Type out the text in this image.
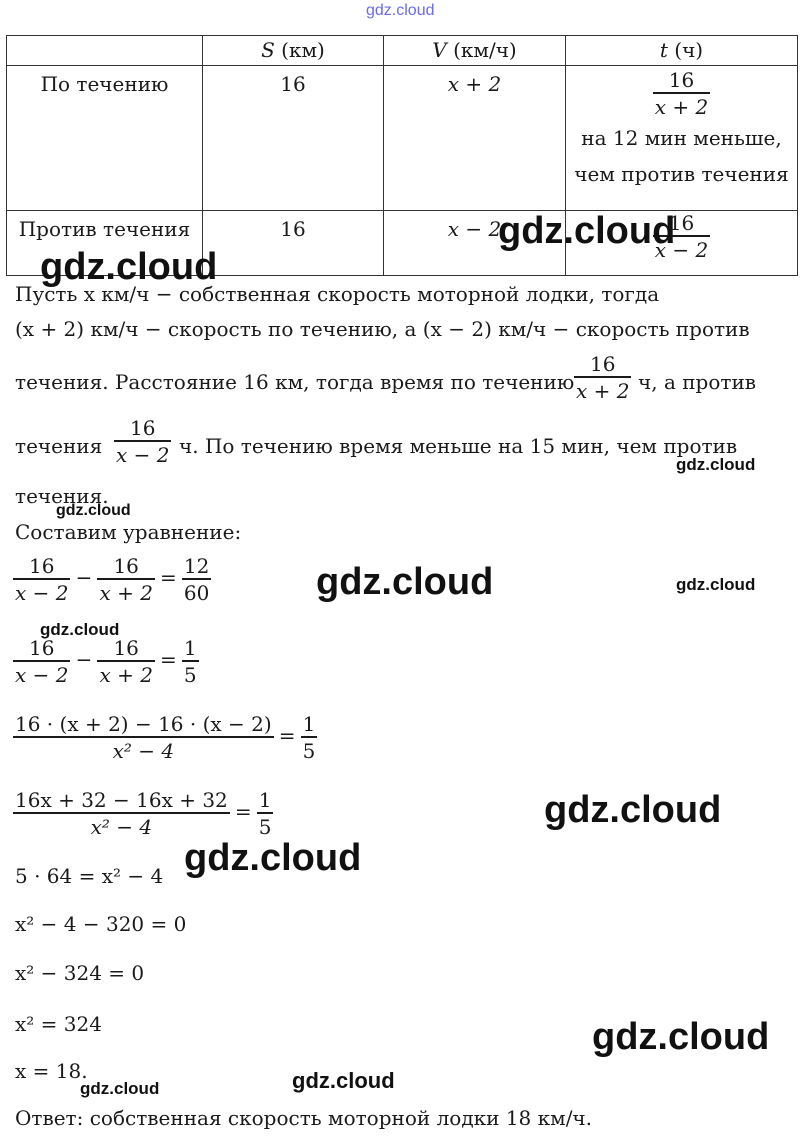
gdz.cloud
	S (км)	V (км/ч)	t (ч)
По течению	16	x + 2	$\frac{16}{x + 2}$

на 12 мин меньше,
чем против течения
Против течения	16	x − 2	$\frac{16}{x - 2}$
Пусть x км/ч − собственная скорость моторной лодки, тогда
(x + 2) км/ч − скорость по течению, а (x − 2) км/ч − скорость против
течения. Расстояние 16 км, тогда время по течению $\frac{16}{x + 2} ч$, а против
течения $\frac{16}{x - 2} ч$. По течению время меньше на 15 мин, чем против
течения.
Составим уравнение:
$\frac{16}{x - 2} - \frac{16}{x + 2} = \frac{12}{60}$
$\frac{16}{x - 2} - \frac{16}{x + 2} = \frac{1}{5}$
$\frac{16 \cdot (x + 2) - 16 \cdot (x - 2)}{\text{x² − 4}} = \frac{1}{5}$
$\frac{16x + 32 - 16x + 32}{\text{x² − 4}} = \frac{1}{5}$
5 · 64 = x² − 4
x² − 4 − 320 = 0
x² − 324 = 0
x² = 324
x = 18.
Ответ: собственная скорость моторной лодки 18 км/ч.
gdz.cloud
gdz.cloud
gdz.cloud
gdz.cloud
gdz.cloud	gdz.cloud
gdz.cloud
gdz.cloud
gdz.cloud
gdz.cloud
gdz.cloud	gdz.cloud
